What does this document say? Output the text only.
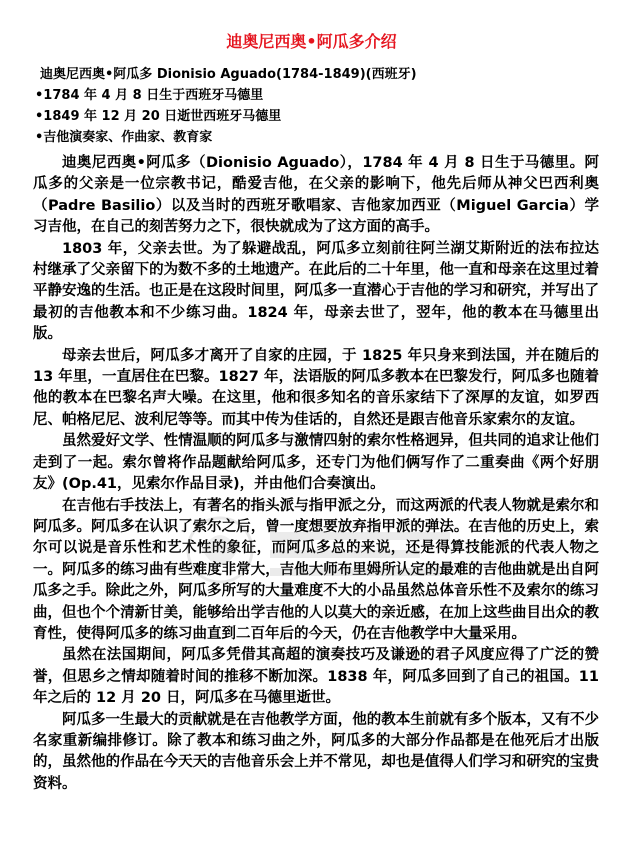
迪奥尼西奥•阿瓜多介绍
迪奥尼西奥•阿瓜多 Dionisio Aguado(1784-1849)(西班牙)
•1784 年 4 月 8 日生于西班牙马德里
•1849 年 12 月 20 日逝世西班牙马德里
•吉他演奏家、作曲家、教育家

迪奥尼西奥•阿瓜多（Dionisio Aguado），1784 年 4 月 8 日生于马德里。阿瓜多的父亲是一位宗教书记，酷爱吉他，在父亲的影响下，他先后师从神父巴西利奥（Padre Basilio）以及当时的西班牙歌唱家、吉他家加西亚（Miguel Garcia）学习吉他，在自己的刻苦努力之下，很快就成为了这方面的高手。

1803 年，父亲去世。为了躲避战乱，阿瓜多立刻前往阿兰湖艾斯附近的法布拉达村继承了父亲留下的为数不多的土地遗产。在此后的二十年里，他一直和母亲在这里过着平静安逸的生活。也正是在这段时间里，阿瓜多一直潜心于吉他的学习和研究，并写出了最初的吉他教本和不少练习曲。1824 年，母亲去世了，翌年，他的教本在马德里出版。

母亲去世后，阿瓜多才离开了自家的庄园，于 1825 年只身来到法国，并在随后的 13 年里，一直居住在巴黎。1827 年，法语版的阿瓜多教本在巴黎发行，阿瓜多也随着他的教本在巴黎名声大噪。在这里，他和很多知名的音乐家结下了深厚的友谊，如罗西尼、帕格尼尼、波利尼等等。而其中传为佳话的，自然还是跟吉他音乐家索尔的友谊。

虽然爱好文学、性情温顺的阿瓜多与激情四射的索尔性格迥异，但共同的追求让他们走到了一起。索尔曾将作品题献给阿瓜多，还专门为他们俩写作了二重奏曲《两个好朋友》(Op.41，见索尔作品目录)，并由他们合奏演出。

在吉他右手技法上，有著名的指头派与指甲派之分，而这两派的代表人物就是索尔和阿瓜多。阿瓜多在认识了索尔之后，曾一度想要放弃指甲派的弹法。在吉他的历史上，索尔可以说是音乐性和艺术性的象征，而阿瓜多总的来说，还是得算技能派的代表人物之一。阿瓜多的练习曲有些难度非常大，吉他大师布里姆所认定的最难的吉他曲就是出自阿瓜多之手。除此之外，阿瓜多所写的大量难度不大的小品虽然总体音乐性不及索尔的练习曲，但也个个清新甘美，能够给出学吉他的人以莫大的亲近感，在加上这些曲目出众的教育性，使得阿瓜多的练习曲直到二百年后的今天，仍在吉他教学中大量采用。

虽然在法国期间，阿瓜多凭借其高超的演奏技巧及谦逊的君子风度应得了广泛的赞誉，但思乡之情却随着时间的推移不断加深。1838 年，阿瓜多回到了自己的祖国。11 年之后的 12 月 20 日，阿瓜多在马德里逝世。

阿瓜多一生最大的贡献就是在吉他教学方面，他的教本生前就有多个版本，又有不少名家重新编排修订。除了教本和练习曲之外，阿瓜多的大部分作品都是在他死后才出版的，虽然他的作品在今天天的吉他音乐会上并不常见，却也是值得人们学习和研究的宝贵资料。
